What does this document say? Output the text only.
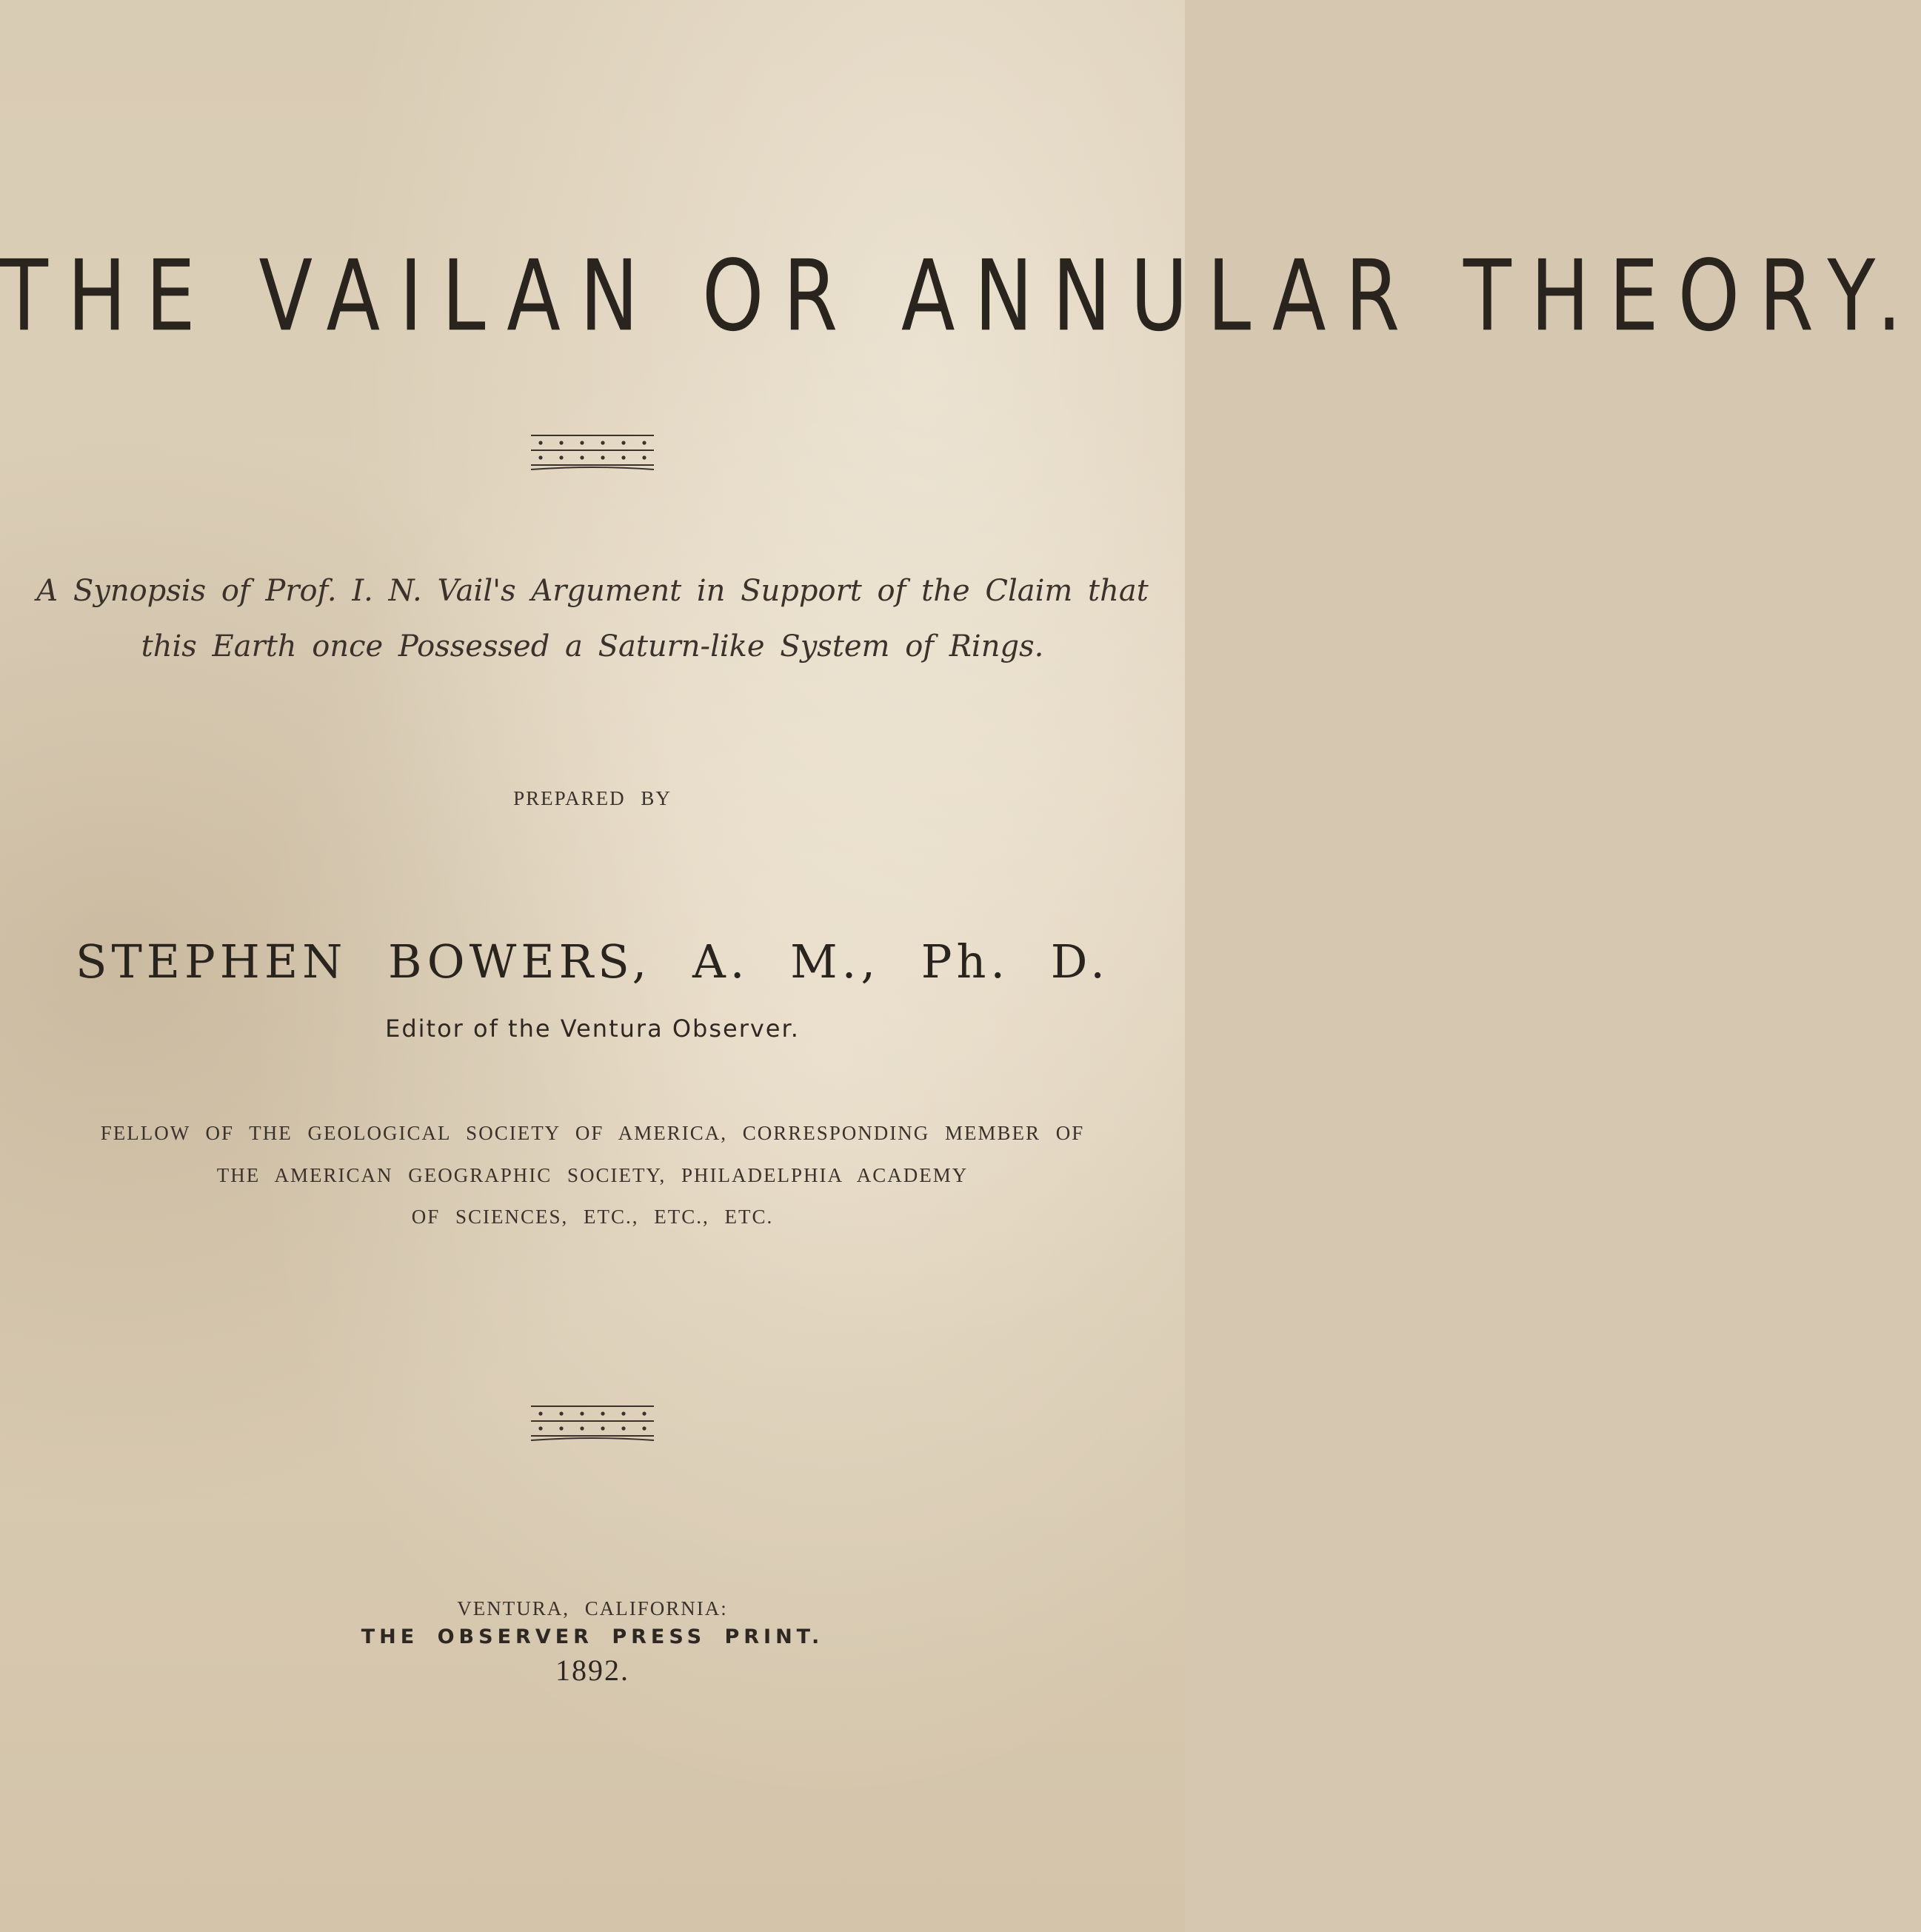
THE VAILAN OR ANNULAR THEORY.
A Synopsis of Prof. I. N. Vail's Argument in Support of the Claim that
this Earth once Possessed a Saturn-like System of Rings.
PREPARED BY
STEPHEN BOWERS, A. M., Ph. D.
Editor of the Ventura Observer.
FELLOW OF THE GEOLOGICAL SOCIETY OF AMERICA, CORRESPONDING MEMBER OF
THE AMERICAN GEOGRAPHIC SOCIETY, PHILADELPHIA ACADEMY
OF SCIENCES, ETC., ETC., ETC.
VENTURA, CALIFORNIA:
THE OBSERVER PRESS PRINT.
1892.
